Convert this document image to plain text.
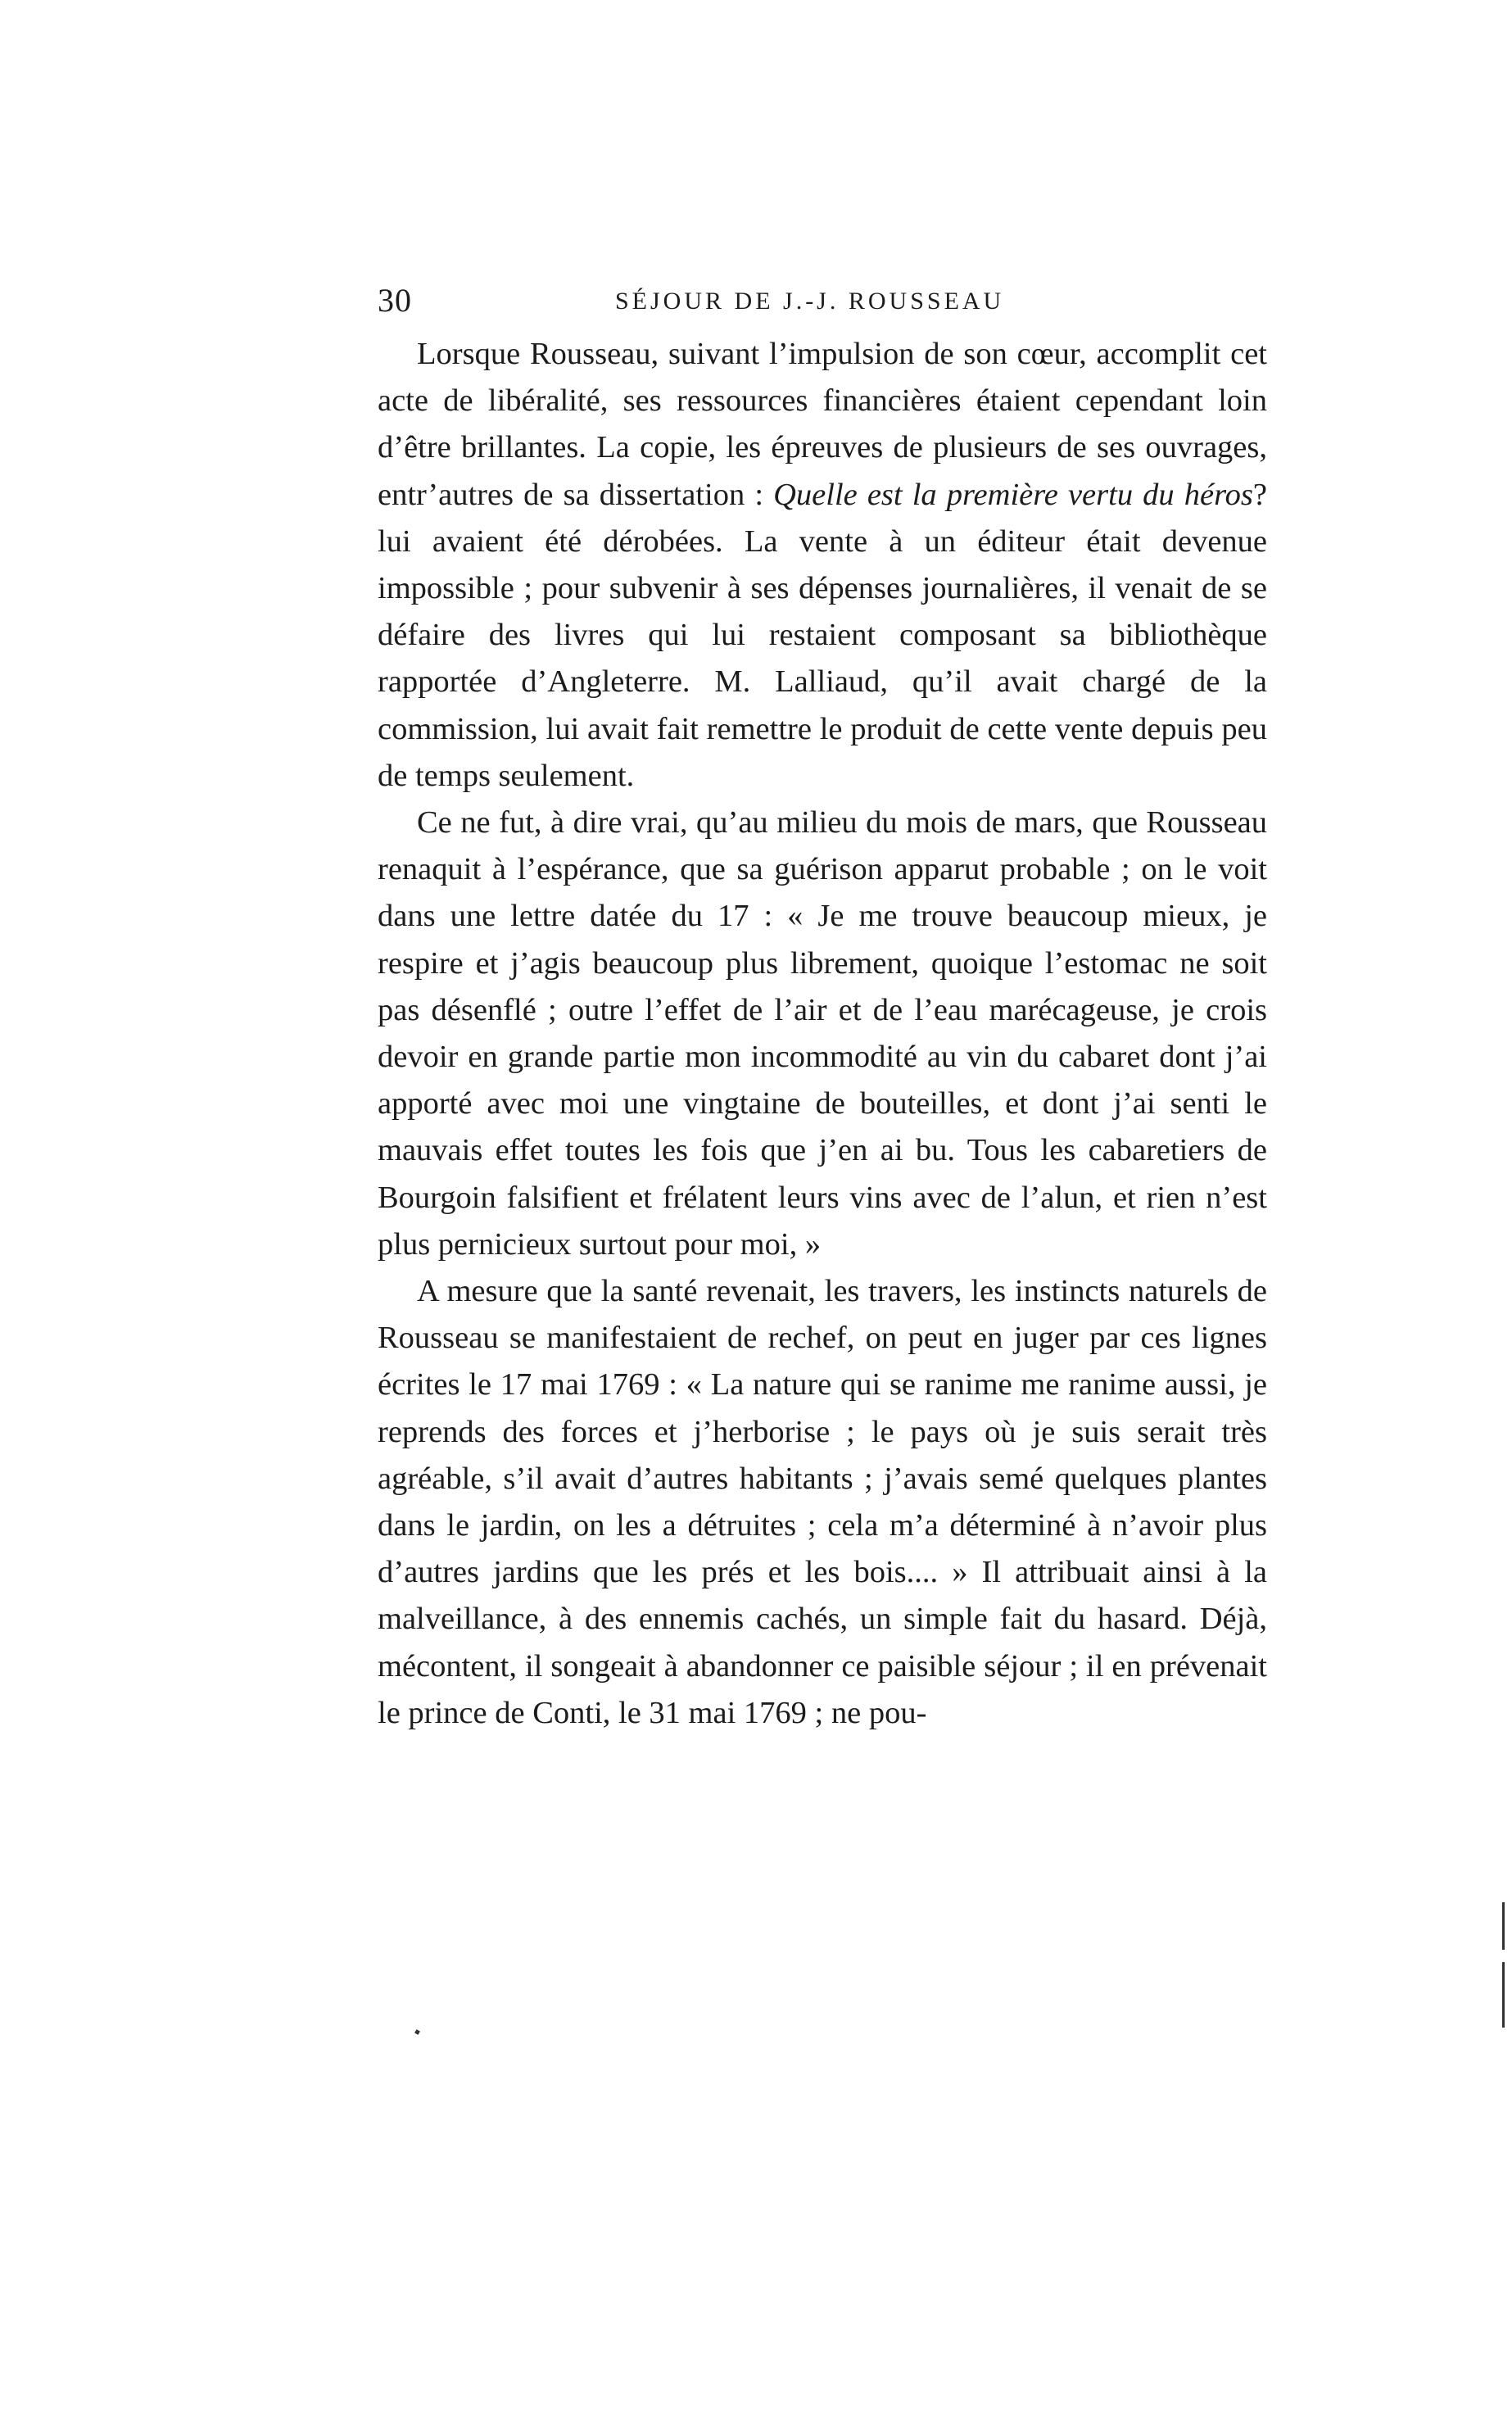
30	SÉJOUR DE J.-J. ROUSSEAU

Lorsque Rousseau, suivant l’impulsion de son cœur, accomplit cet acte de libéralité, ses ressources financières étaient cependant loin d’être brillantes. La copie, les épreuves de plusieurs de ses ouvrages, entr’autres de sa dissertation : Quelle est la première vertu du héros? lui avaient été dérobées. La vente à un éditeur était devenue impossible ; pour subvenir à ses dépenses journalières, il venait de se défaire des livres qui lui restaient composant sa bibliothèque rapportée d’Angleterre. M. Lalliaud, qu’il avait chargé de la commission, lui avait fait remettre le produit de cette vente depuis peu de temps seulement.

Ce ne fut, à dire vrai, qu’au milieu du mois de mars, que Rousseau renaquit à l’espérance, que sa guérison apparut probable ; on le voit dans une lettre datée du 17 : « Je me trouve beaucoup mieux, je respire et j’agis beaucoup plus librement, quoique l’estomac ne soit pas désenflé ; outre l’effet de l’air et de l’eau marécageuse, je crois devoir en grande partie mon incommodité au vin du cabaret dont j’ai apporté avec moi une vingtaine de bouteilles, et dont j’ai senti le mauvais effet toutes les fois que j’en ai bu. Tous les cabaretiers de Bourgoin falsifient et frélatent leurs vins avec de l’alun, et rien n’est plus pernicieux surtout pour moi, »

A mesure que la santé revenait, les travers, les instincts naturels de Rousseau se manifestaient de rechef, on peut en juger par ces lignes écrites le 17 mai 1769 : « La nature qui se ranime me ranime aussi, je reprends des forces et j’herborise ; le pays où je suis serait très agréable, s’il avait d’autres habitants ; j’avais semé quelques plantes dans le jardin, on les a détruites ; cela m’a déterminé à n’avoir plus d’autres jardins que les prés et les bois.... » Il attribuait ainsi à la malveillance, à des ennemis cachés, un simple fait du hasard. Déjà, mécontent, il songeait à abandonner ce paisible séjour ; il en prévenait le prince de Conti, le 31 mai 1769 ; ne pou-
